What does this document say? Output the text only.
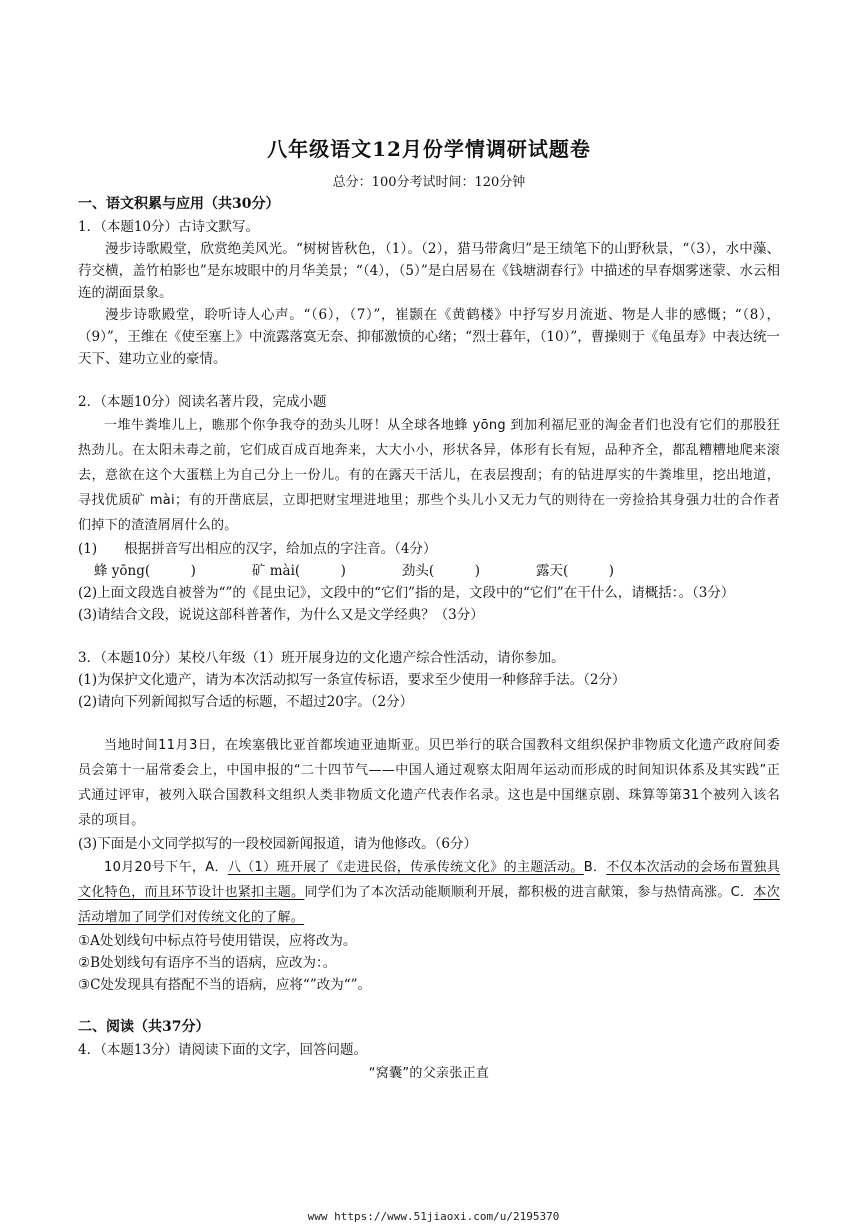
八年级语文12月份学情调研试题卷
总分：100分考试时间：120分钟

一、语文积累与应用（共30分）

1．（本题10分）古诗文默写。

漫步诗歌殿堂，欣赏绝美风光。“树树皆秋色，（1）。（2），猎马带禽归”是王绩笔下的山野秋景，“（3），水中藻、荇交横，盖竹柏影也”是东坡眼中的月华美景；“（4），（5）”是白居易在《钱塘湖春行》中描述的早春烟雾迷蒙、水云相连的湖面景象。

漫步诗歌殿堂，聆听诗人心声。“（6），（7）”，崔颢在《黄鹤楼》中抒写岁月流逝、物是人非的感慨；“（8），（9）”，王维在《使至塞上》中流露落寞无奈、抑郁激愤的心绪；“烈士暮年，（10）”，曹操则于《龟虽寿》中表达统一天下、建功立业的豪情。

2．（本题10分）阅读名著片段，完成小题

一堆牛粪堆儿上，瞧那个你争我夺的劲头儿呀！从全球各地蜂 yōng 到加利福尼亚的淘金者们也没有它们的那股狂热劲儿。在太阳未毒之前，它们成百成百地奔来，大大小小，形状各异，体形有长有短，品种齐全，都乱糟糟地爬来滚去，意欲在这个大蛋糕上为自己分上一份儿。有的在露天干活儿，在表层搜刮；有的钻进厚实的牛粪堆里，挖出地道，寻找优质矿 mài；有的开凿底层，立即把财宝埋进地里；那些个头儿小又无力气的则待在一旁捡拾其身强力壮的合作者们掉下的渣渣屑屑什么的。

(1)　　根据拼音写出相应的汉字，给加点的字注音。（4分）

蜂 yōng(　　　)	矿 mài(　　　)	劲头(　　　)	露天(　　　)

(2)上面文段选自被誉为“”的《昆虫记》，文段中的“它们”指的是，文段中的“它们”在干什么，请概括：。（3分）

(3)请结合文段，说说这部科普著作，为什么又是文学经典？（3分）

3．（本题10分）某校八年级（1）班开展身边的文化遗产综合性活动，请你参加。

(1)为保护文化遗产，请为本次活动拟写一条宣传标语，要求至少使用一种修辞手法。（2分）

(2)请向下列新闻拟写合适的标题，不超过20字。（2分）

当地时间11月3日，在埃塞俄比亚首都埃迪亚迪斯亚。贝巴举行的联合国教科文组织保护非物质文化遗产政府间委员会第十一届常委会上，中国申报的“二十四节气——中国人通过观察太阳周年运动而形成的时间知识体系及其实践”正式通过评审，被列入联合国教科文组织人类非物质文化遗产代表作名录。这也是中国继京剧、珠算等第31个被列入该名录的项目。

(3)下面是小文同学拟写的一段校园新闻报道，请为他修改。（6分）

10月20号下午，A．八（1）班开展了《走进民俗，传承传统文化》的主题活动。B．不仅本次活动的会场布置独具文化特色，而且环节设计也紧扣主题。同学们为了本次活动能顺顺利开展，都积极的进言献策，参与热情高涨。C．本次活动增加了同学们对传统文化的了解。

①A处划线句中标点符号使用错误，应将改为。

②B处划线句有语序不当的语病，应改为：。

③C处发现具有搭配不当的语病，应将“”改为“”。

二、阅读（共37分）

4．（本题13分）请阅读下面的文字，回答问题。

“窝囊”的父亲张正直

www https://www.51jiaoxi.com/u/2195370
